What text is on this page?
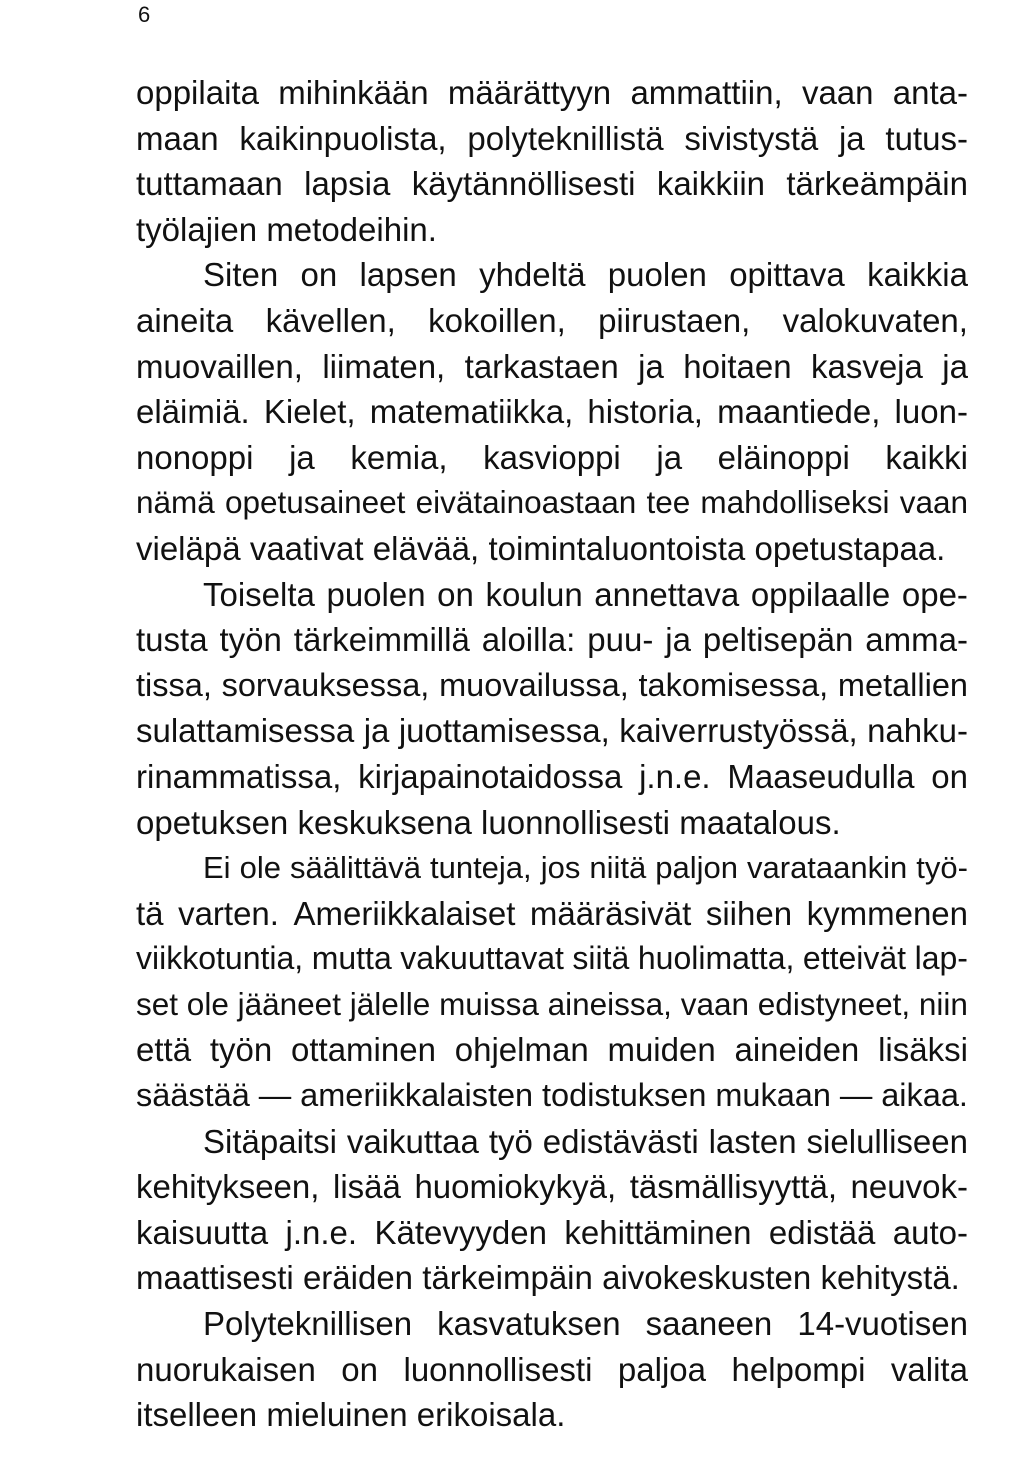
6
oppilaita mihinkään määrättyyn ammattiin, vaan anta-
maan kaikinpuolista, polyteknillistä sivistystä ja tutus-
tuttamaan lapsia käytännöllisesti kaikkiin tärkeämpäin
työlajien metodeihin.
Siten on lapsen yhdeltä puolen opittava kaikkia
aineita kävellen, kokoillen, piirustaen, valokuvaten,
muovaillen, liimaten, tarkastaen ja hoitaen kasveja ja
eläimiä. Kielet, matematiikka, historia, maantiede, luon-
nonoppi ja kemia, kasvioppi ja eläinoppi kaikki
nämä opetusaineet eivätainoastaan tee mahdolliseksi vaan
vieläpä vaativat elävää, toimintaluontoista opetustapaa.
Toiselta puolen on koulun annettava oppilaalle ope-
tusta työn tärkeimmillä aloilla: puu- ja peltisepän amma-
tissa, sorvauksessa, muovailussa, takomisessa, metallien
sulattamisessa ja juottamisessa, kaiverrustyössä, nahku-
rinammatissa, kirjapainotaidossa j.n.e. Maaseudulla on
opetuksen keskuksena luonnollisesti maatalous.
Ei ole säälittävä tunteja, jos niitä paljon varataankin työ-
tä varten. Ameriikkalaiset määräsivät siihen kymmenen
viikkotuntia, mutta vakuuttavat siitä huolimatta, etteivät lap-
set ole jääneet jälelle muissa aineissa, vaan edistyneet, niin
että työn ottaminen ohjelman muiden aineiden lisäksi
säästää — ameriikkalaisten todistuksen mukaan — aikaa.
Sitäpaitsi vaikuttaa työ edistävästi lasten sielulliseen
kehitykseen, lisää huomiokykyä, täsmällisyyttä, neuvok-
kaisuutta j.n.e. Kätevyyden kehittäminen edistää auto-
maattisesti eräiden tärkeimpäin aivokeskusten kehitystä.
Polyteknillisen kasvatuksen saaneen 14-vuotisen
nuorukaisen on luonnollisesti paljoa helpompi valita
itselleen mieluinen erikoisala.
